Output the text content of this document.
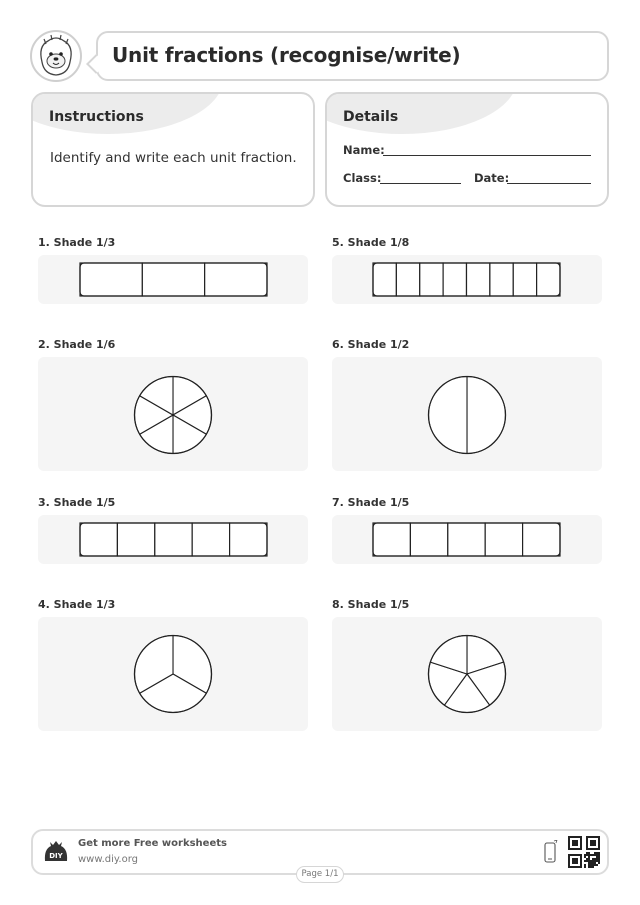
Unit fractions (recognise/write)
Instructions
Identify and write each unit fraction.
Details
Name:
Class:	Date:
1. Shade 1/3
2. Shade 1/6
3. Shade 1/5
4. Shade 1/3
5. Shade 1/8
6. Shade 1/2
7. Shade 1/5
8. Shade 1/5
DIY
Get more Free worksheets
www.diy.org
Page 1/1
